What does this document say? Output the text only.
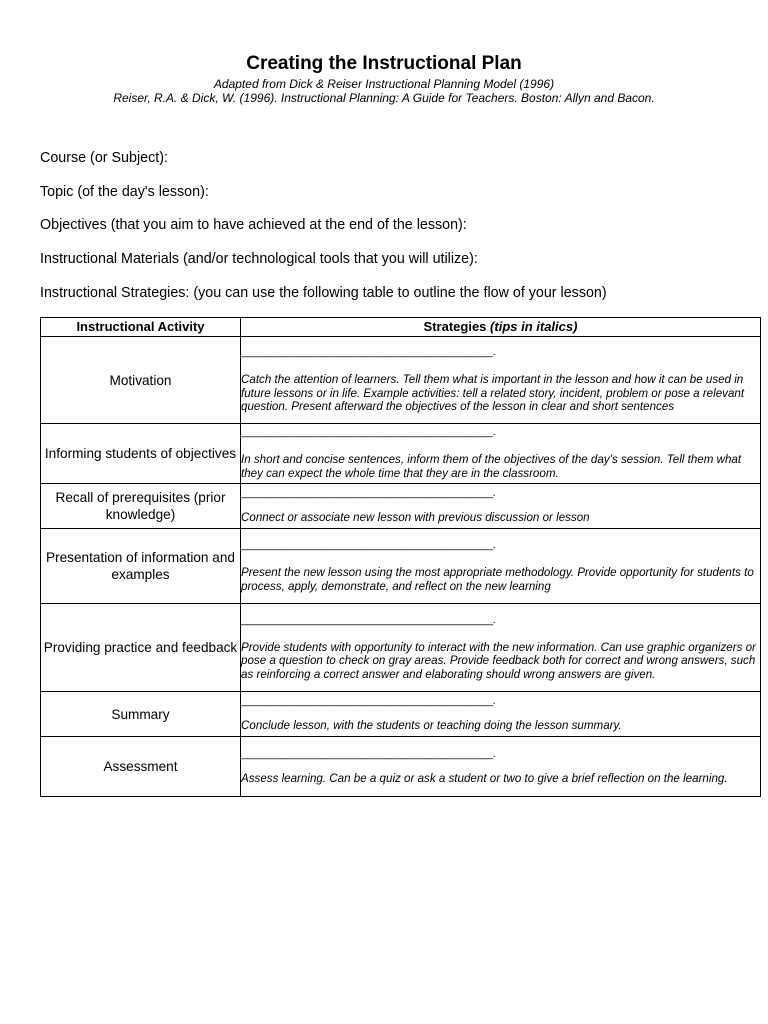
Creating the Instructional Plan
Adapted from Dick & Reiser Instructional Planning Model (1996)
Reiser, R.A. & Dick, W. (1996). Instructional Planning: A Guide for Teachers. Boston: Allyn and Bacon.
Course (or Subject):
Topic (of the day's lesson):
Objectives (that you aim to have achieved at the end of the lesson):
Instructional Materials (and/or technological tools that you will utilize):
Instructional Strategies: (you can use the following table to outline the flow of your lesson)
Instructional Activity	Strategies (tips in italics)
Motivation	____________________________________________.
Catch the attention of learners. Tell them what is important in the lesson and how it can be used in future lessons or in life. Example activities: tell a related story, incident, problem or pose a relevant question. Present afterward the objectives of the lesson in clear and short sentences

Informing students of objectives	____________________________________________.
In short and concise sentences, inform them of the objectives of the day’s session. Tell them what they can expect the whole time that they are in the classroom.

Recall of prerequisites (prior knowledge)	____________________________________________.
Connect or associate new lesson with previous discussion or lesson

Presentation of information and examples	____________________________________________.
Present the new lesson using the most appropriate methodology. Provide opportunity for students to process, apply, demonstrate, and reflect on the new learning

Providing practice and feedback	____________________________________________.
Provide students with opportunity to interact with the new information. Can use graphic organizers or pose a question to check on gray areas. Provide feedback both for correct and wrong answers, such as reinforcing a correct answer and elaborating should wrong answers are given.

Summary	____________________________________________.
Conclude lesson, with the students or teaching doing the lesson summary.

Assessment	____________________________________________.
Assess learning. Can be a quiz or ask a student or two to give a brief reflection on the learning.
